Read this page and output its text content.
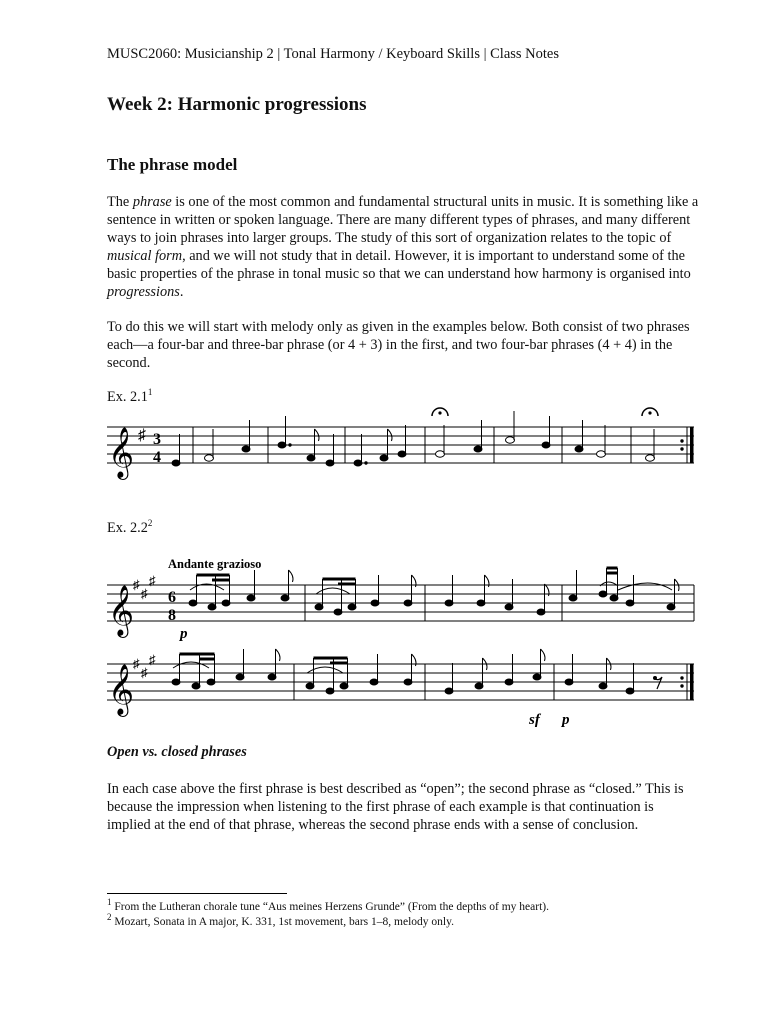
MUSC2060: Musicianship 2 | Tonal Harmony / Keyboard Skills | Class Notes
Week 2: Harmonic progressions
The phrase model
The phrase is one of the most common and fundamental structural units in music. It is something like a sentence in written or spoken language. There are many different types of phrases, and many different ways to join phrases into larger groups. The study of this sort of organization relates to the topic of musical form, and we will not study that in detail. However, it is important to understand some of the basic properties of the phrase in tonal music so that we can understand how harmony is organised into progressions.
To do this we will start with melody only as given in the examples below. Both consist of two phrases each—a four-bar and three-bar phrase (or 4 + 3) in the first, and two four-bar phrases (4 + 4) in the second.
Ex. $2.1^1$
Ex. $2.2^2$
𝄞 ♯ 3
4
Andante grazioso
𝄞
♯
♯
♯
6
8
p
𝄞
♯
♯
♯
sf p
Open vs. closed phrases
In each case above the first phrase is best described as “open”; the second phrase as “closed.” This is because the impression when listening to the first phrase of each example is that continuation is implied at the end of that phrase, whereas the second phrase ends with a sense of conclusion.
$^1$ From the Lutheran chorale tune “Aus meines Herzens Grunde” (From the depths of my heart).
$^2$ Mozart, Sonata in A major, K. 331, 1st movement, bars 1–8, melody only.
